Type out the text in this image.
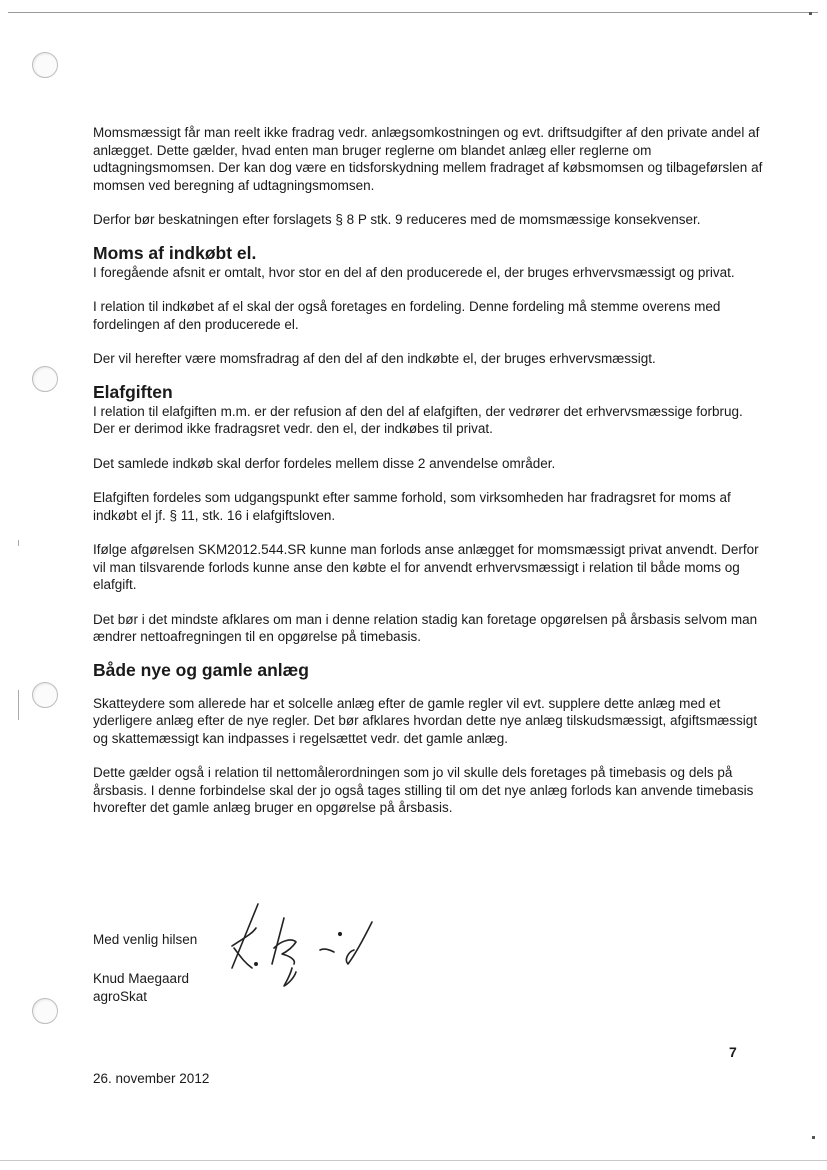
Momsmæssigt får man reelt ikke fradrag vedr. anlægsomkostningen og evt. driftsudgifter af den private andel af anlægget. Dette gælder, hvad enten man bruger reglerne om blandet anlæg eller reglerne om udtagningsmomsen. Der kan dog være en tidsforskydning mellem fradraget af købsmomsen og tilbageførslen af momsen ved beregning af udtagningsmomsen.

Derfor bør beskatningen efter forslagets § 8 P stk. 9 reduceres med de momsmæssige konsekvenser.

Moms af indkøbt el.

I foregående afsnit er omtalt, hvor stor en del af den producerede el, der bruges erhvervsmæssigt og privat.

I relation til indkøbet af el skal der også foretages en fordeling. Denne fordeling må stemme overens med fordelingen af den producerede el.

Der vil herefter være momsfradrag af den del af den indkøbte el, der bruges erhvervsmæssigt.

Elafgiften

I relation til elafgiften m.m. er der refusion af den del af elafgiften, der vedrører det erhvervsmæssige forbrug. Der er derimod ikke fradragsret vedr. den el, der indkøbes til privat.

Det samlede indkøb skal derfor fordeles mellem disse 2 anvendelse områder.

Elafgiften fordeles som udgangspunkt efter samme forhold, som virksomheden har fradragsret for moms af indkøbt el jf. § 11, stk. 16 i elafgiftsloven.

Ifølge afgørelsen SKM2012.544.SR kunne man forlods anse anlægget for momsmæssigt privat anvendt. Derfor vil man tilsvarende forlods kunne anse den købte el for anvendt erhvervsmæssigt i relation til både moms og elafgift.

Det bør i det mindste afklares om man i denne relation stadig kan foretage opgørelsen på årsbasis selvom man ændrer nettoafregningen til en opgørelse på timebasis.

Både nye og gamle anlæg

Skatteydere som allerede har et solcelle anlæg efter de gamle regler vil evt. supplere dette anlæg med et yderligere anlæg efter de nye regler. Det bør afklares hvordan dette nye anlæg tilskudsmæssigt, afgiftsmæssigt og skattemæssigt kan indpasses i regelsættet vedr. det gamle anlæg.

Dette gælder også i relation til nettomålerordningen som jo vil skulle dels foretages på timebasis og dels på årsbasis. I denne forbindelse skal der jo også tages stilling til om det nye anlæg forlods kan anvende timebasis hvorefter det gamle anlæg bruger en opgørelse på årsbasis.

Med venlig hilsen
Knud Maegaard
agroSkat
7
26. november 2012
